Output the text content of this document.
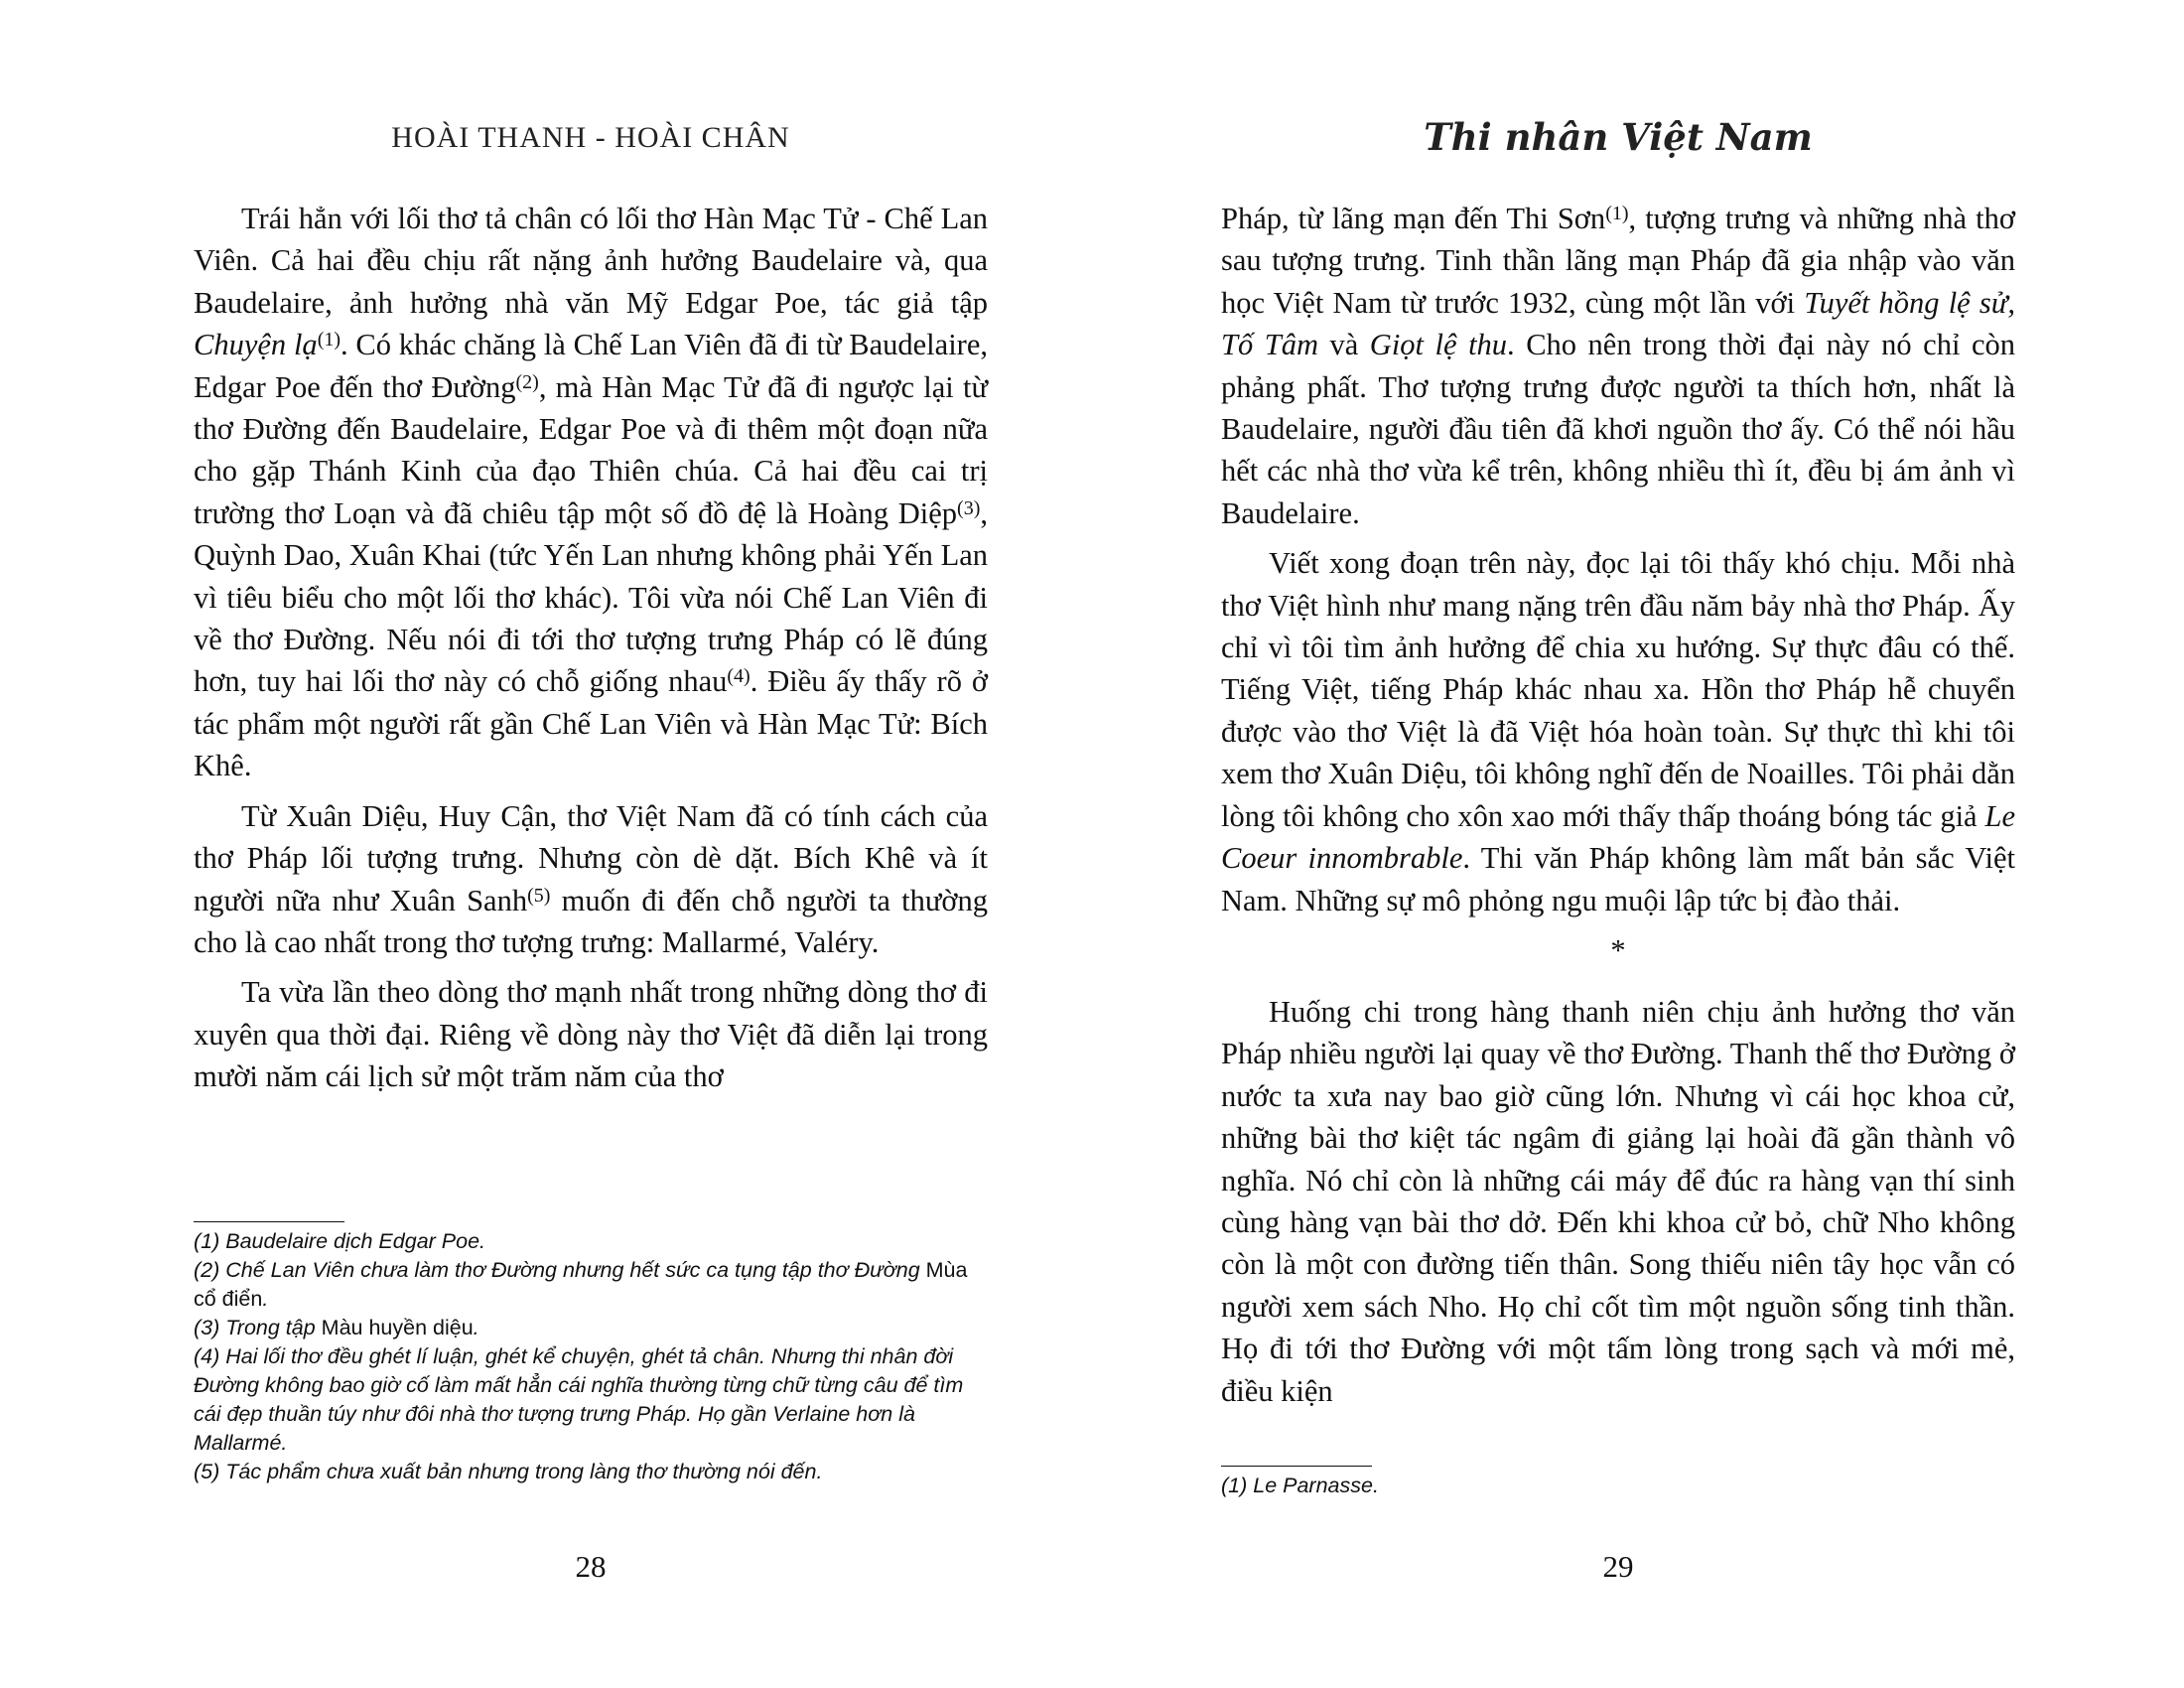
HOÀI THANH - HOÀI CHÂN

Trái hẳn với lối thơ tả chân có lối thơ Hàn Mạc Tử - Chế Lan Viên. Cả hai đều chịu rất nặng ảnh hưởng Baudelaire và, qua Baudelaire, ảnh hưởng nhà văn Mỹ Edgar Poe, tác giả tập Chuyện lạ$^{(1)}$. Có khác chăng là Chế Lan Viên đã đi từ Baudelaire, Edgar Poe đến thơ Đường$^{(2)}$, mà Hàn Mạc Tử đã đi ngược lại từ thơ Đường đến Baudelaire, Edgar Poe và đi thêm một đoạn nữa cho gặp Thánh Kinh của đạo Thiên chúa. Cả hai đều cai trị trường thơ Loạn và đã chiêu tập một số đồ đệ là Hoàng Diệp$^{(3)}$, Quỳnh Dao, Xuân Khai (tức Yến Lan nhưng không phải Yến Lan vì tiêu biểu cho một lối thơ khác). Tôi vừa nói Chế Lan Viên đi về thơ Đường. Nếu nói đi tới thơ tượng trưng Pháp có lẽ đúng hơn, tuy hai lối thơ này có chỗ giống nhau$^{(4)}$. Điều ấy thấy rõ ở tác phẩm một người rất gần Chế Lan Viên và Hàn Mạc Tử: Bích Khê.

Từ Xuân Diệu, Huy Cận, thơ Việt Nam đã có tính cách của thơ Pháp lối tượng trưng. Nhưng còn dè dặt. Bích Khê và ít người nữa như Xuân Sanh$^{(5)}$ muốn đi đến chỗ người ta thường cho là cao nhất trong thơ tượng trưng: Mallarmé, Valéry.

Ta vừa lần theo dòng thơ mạnh nhất trong những dòng thơ đi xuyên qua thời đại. Riêng về dòng này thơ Việt đã diễn lại trong mười năm cái lịch sử một trăm năm của thơ

(1) Baudelaire dịch Edgar Poe.

(2) Chế Lan Viên chưa làm thơ Đường nhưng hết sức ca tụng tập thơ Đường Mùa cổ điển.

(3) Trong tập Màu huyền diệu.

(4) Hai lối thơ đều ghét lí luận, ghét kể chuyện, ghét tả chân. Nhưng thi nhân đời Đường không bao giờ cố làm mất hẳn cái nghĩa thường từng chữ từng câu để tìm cái đẹp thuần túy như đôi nhà thơ tượng trưng Pháp. Họ gần Verlaine hơn là Mallarmé.

(5) Tác phẩm chưa xuất bản nhưng trong làng thơ thường nói đến.

28
Thi nhân Việt Nam

Pháp, từ lãng mạn đến Thi Sơn$^{(1)}$, tượng trưng và những nhà thơ sau tượng trưng. Tinh thần lãng mạn Pháp đã gia nhập vào văn học Việt Nam từ trước 1932, cùng một lần với Tuyết hồng lệ sử, Tố Tâm và Giọt lệ thu. Cho nên trong thời đại này nó chỉ còn phảng phất. Thơ tượng trưng được người ta thích hơn, nhất là Baudelaire, người đầu tiên đã khơi nguồn thơ ấy. Có thể nói hầu hết các nhà thơ vừa kể trên, không nhiều thì ít, đều bị ám ảnh vì Baudelaire.

Viết xong đoạn trên này, đọc lại tôi thấy khó chịu. Mỗi nhà thơ Việt hình như mang nặng trên đầu năm bảy nhà thơ Pháp. Ấy chỉ vì tôi tìm ảnh hưởng để chia xu hướng. Sự thực đâu có thế. Tiếng Việt, tiếng Pháp khác nhau xa. Hồn thơ Pháp hễ chuyển được vào thơ Việt là đã Việt hóa hoàn toàn. Sự thực thì khi tôi xem thơ Xuân Diệu, tôi không nghĩ đến de Noailles. Tôi phải dằn lòng tôi không cho xôn xao mới thấy thấp thoáng bóng tác giả Le Coeur innombrable. Thi văn Pháp không làm mất bản sắc Việt Nam. Những sự mô phỏng ngu muội lập tức bị đào thải.

*

Huống chi trong hàng thanh niên chịu ảnh hưởng thơ văn Pháp nhiều người lại quay về thơ Đường. Thanh thế thơ Đường ở nước ta xưa nay bao giờ cũng lớn. Nhưng vì cái học khoa cử, những bài thơ kiệt tác ngâm đi giảng lại hoài đã gần thành vô nghĩa. Nó chỉ còn là những cái máy để đúc ra hàng vạn thí sinh cùng hàng vạn bài thơ dở. Đến khi khoa cử bỏ, chữ Nho không còn là một con đường tiến thân. Song thiếu niên tây học vẫn có người xem sách Nho. Họ chỉ cốt tìm một nguồn sống tinh thần. Họ đi tới thơ Đường với một tấm lòng trong sạch và mới mẻ, điều kiện

(1) Le Parnasse.

29
